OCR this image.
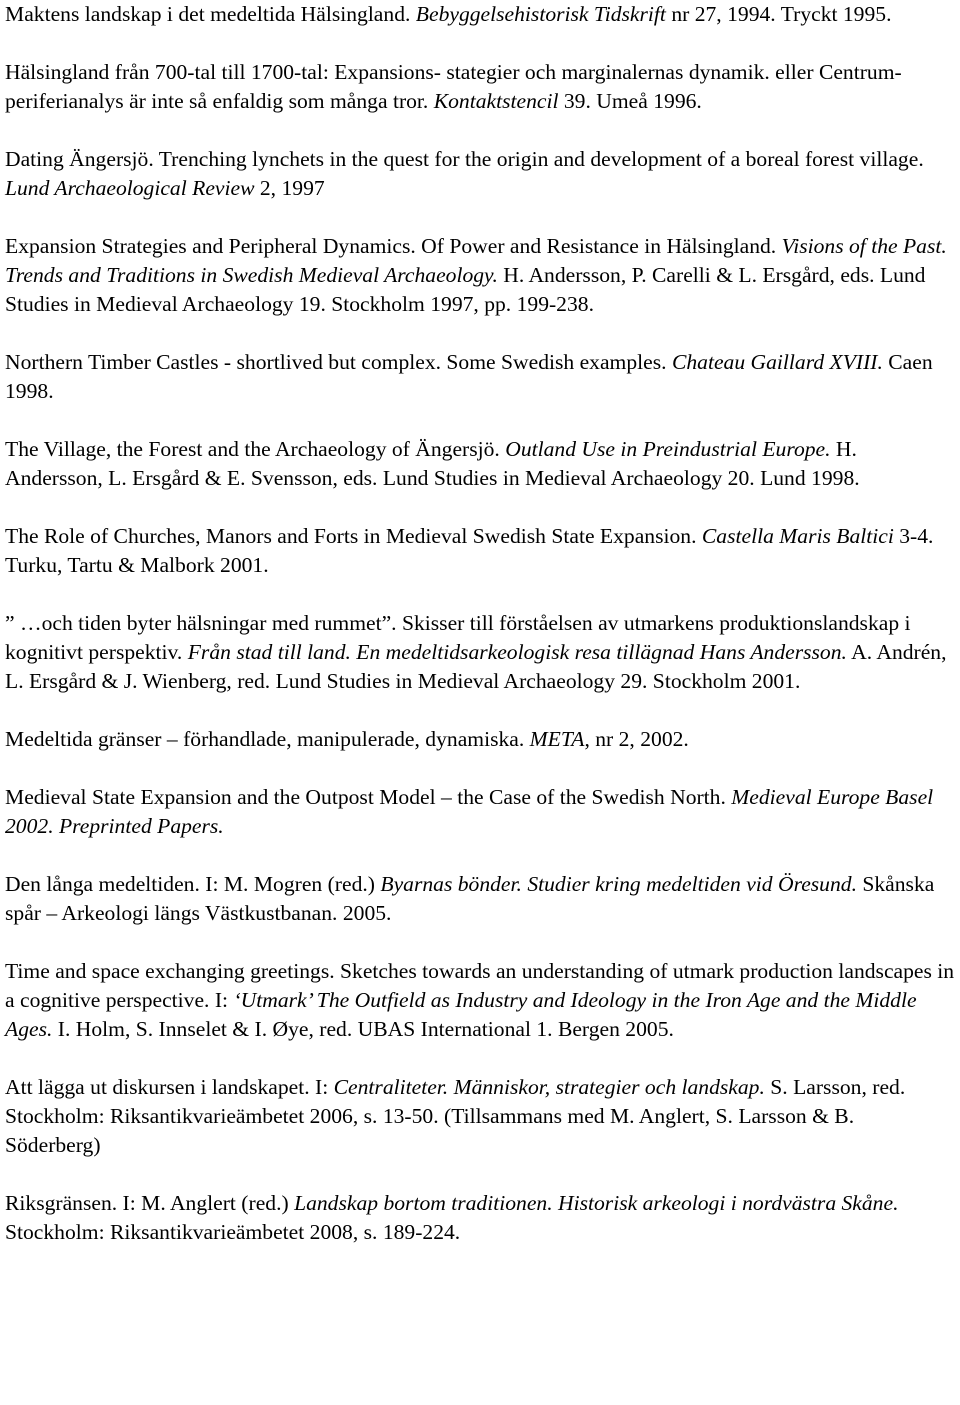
Maktens landskap i det medeltida Hälsingland. Bebyggelsehistorisk Tidskrift nr 27, 1994. Tryckt 1995.

Hälsingland från 700-tal till 1700-tal: Expansions- stategier och marginalernas dynamik. eller Centrum-periferianalys är inte så enfaldig som många tror. Kontaktstencil 39. Umeå 1996.

Dating Ängersjö. Trenching lynchets in the quest for the origin and development of a boreal forest village. Lund Archaeological Review 2, 1997

Expansion Strategies and Peripheral Dynamics. Of Power and Resistance in Hälsingland. Visions of the Past. Trends and Traditions in Swedish Medieval Archaeology. H. Andersson, P. Carelli & L. Ersgård, eds. Lund Studies in Medieval Archaeology 19. Stockholm 1997, pp. 199-238.

Northern Timber Castles - shortlived but complex. Some Swedish examples. Chateau Gaillard XVIII. Caen 1998.

The Village, the Forest and the Archaeology of Ängersjö. Outland Use in Preindustrial Europe. H. Andersson, L. Ersgård & E. Svensson, eds. Lund Studies in Medieval Archaeology 20. Lund 1998.

The Role of Churches, Manors and Forts in Medieval Swedish State Expansion. Castella Maris Baltici 3-4. Turku, Tartu & Malbork 2001.

” …och tiden byter hälsningar med rummet”. Skisser till förståelsen av utmarkens produktionslandskap i kognitivt perspektiv. Från stad till land. En medeltidsarkeologisk resa tillägnad Hans Andersson. A. Andrén, L. Ersgård & J. Wienberg, red. Lund Studies in Medieval Archaeology 29. Stockholm 2001.

Medeltida gränser – förhandlade, manipulerade, dynamiska. META, nr 2, 2002.

Medieval State Expansion and the Outpost Model – the Case of the Swedish North. Medieval Europe Basel 2002. Preprinted Papers.

Den långa medeltiden. I: M. Mogren (red.) Byarnas bönder. Studier kring medeltiden vid Öresund. Skånska spår – Arkeologi längs Västkustbanan. 2005.

Time and space exchanging greetings. Sketches towards an understanding of utmark production landscapes in a cognitive perspective. I: ‘Utmark’ The Outfield as Industry and Ideology in the Iron Age and the Middle Ages. I. Holm, S. Innselet & I. Øye, red. UBAS International 1. Bergen 2005.

Att lägga ut diskursen i landskapet. I: Centraliteter. Människor, strategier och landskap. S. Larsson, red. Stockholm: Riksantikvarieämbetet 2006, s. 13-50. (Tillsammans med M. Anglert, S. Larsson & B. Söderberg)

Riksgränsen. I: M. Anglert (red.) Landskap bortom traditionen. Historisk arkeologi i nordvästra Skåne. Stockholm: Riksantikvarieämbetet 2008, s. 189-224.
